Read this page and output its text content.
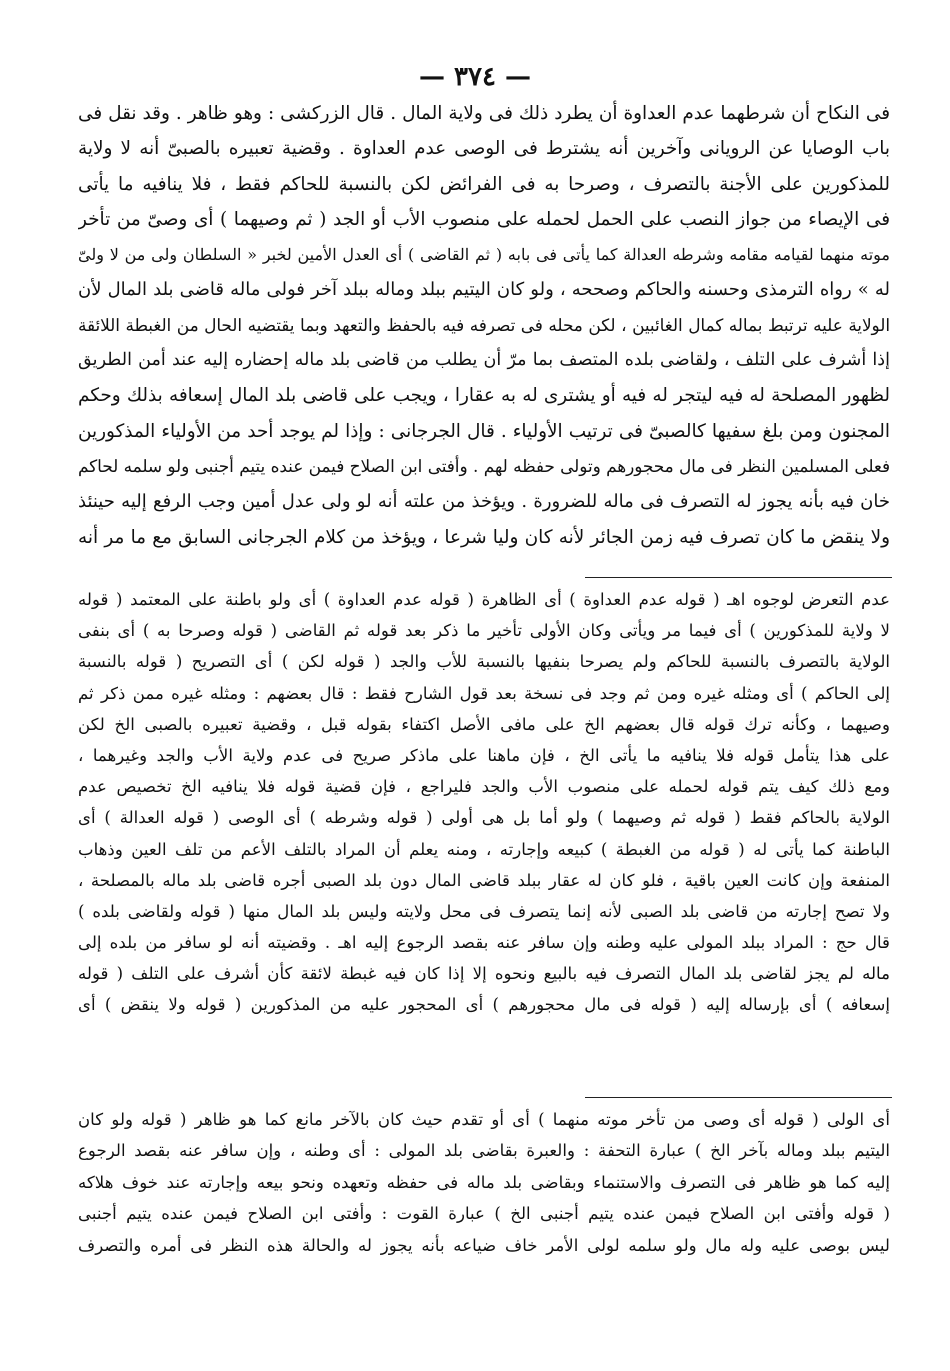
— ٣٧٤ —
فى النكاح أن شرطهما عدم العداوة أن يطرد ذلك فى ولاية المال . قال الزركشى : وهو ظاهر . وقد نقل فى
باب الوصايا عن الرويانى وآخرين أنه يشترط فى الوصى عدم العداوة . وقضية تعبيره بالصبىّ أنه لا ولاية
للمذكورين على الأجنة بالتصرف ، وصرحا به فى الفرائض لكن بالنسبة للحاكم فقط ، فلا ينافيه ما يأتى
فى الإيصاء من جواز النصب على الحمل لحمله على منصوب الأب أو الجد ( ثم وصيهما ) أى وصىّ من تأخر
موته منهما لقيامه مقامه وشرطه العدالة كما يأتى فى بابه ( ثم القاضى ) أى العدل الأمين لخبر « السلطان ولى من لا ولىّ
له » رواه الترمذى وحسنه والحاكم وصححه ، ولو كان اليتيم ببلد وماله ببلد آخر فولى ماله قاضى بلد المال لأن
الولاية عليه ترتبط بماله كمال الغائبين ، لكن محله فى تصرفه فيه بالحفظ والتعهد وبما يقتضيه الحال من الغبطة اللائقة
إذا أشرف على التلف ، ولقاضى بلده المتصف بما مرّ أن يطلب من قاضى بلد ماله إحضاره إليه عند أمن الطريق
لظهور المصلحة له فيه ليتجر له فيه أو يشترى له به عقارا ، ويجب على قاضى بلد المال إسعافه بذلك وحكم
المجنون ومن بلغ سفيها كالصبىّ فى ترتيب الأولياء . قال الجرجانى : وإذا لم يوجد أحد من الأولياء المذكورين
فعلى المسلمين النظر فى مال محجورهم وتولى حفظه لهم . وأفتى ابن الصلاح فيمن عنده يتيم أجنبى ولو سلمه لحاكم
خان فيه بأنه يجوز له التصرف فى ماله للضرورة . ويؤخذ من علته أنه لو ولى عدل أمين وجب الرفع إليه حينئذ
ولا ينقض ما كان تصرف فيه زمن الجائر لأنه كان وليا شرعا ، ويؤخذ من كلام الجرجانى السابق مع ما مر أنه
عدم التعرض لوجوه اهـ ( قوله عدم العداوة ) أى الظاهرة ( قوله عدم العداوة ) أى ولو باطنة على المعتمد ( قوله
لا ولاية للمذكورين ) أى فيما مر ويأتى وكان الأولى تأخير ما ذكر بعد قوله ثم القاضى ( قوله وصرحا به ) أى بنفى
الولاية بالتصرف بالنسبة للحاكم ولم يصرحا بنفيها بالنسبة للأب والجد ( قوله لكن ) أى التصريح ( قوله بالنسبة
إلى الحاكم ) أى ومثله غيره ومن ثم وجد فى نسخة بعد قول الشارح فقط : قال بعضهم : ومثله غيره ممن ذكر ثم
وصيهما ، وكأنه ترك قوله قال بعضهم الخ على مافى الأصل اكتفاء بقوله قبل ، وقضية تعبيره بالصبى الخ لكن
على هذا يتأمل قوله فلا ينافيه ما يأتى الخ ، فإن ماهنا على ماذكر صريح فى عدم ولاية الأب والجد وغيرهما ،
ومع ذلك كيف يتم قوله لحمله على منصوب الأب والجد فليراجع ، فإن قضية قوله فلا ينافيه الخ تخصيص عدم
الولاية بالحاكم فقط ( قوله ثم وصيهما ) ولو أما بل هى أولى ( قوله وشرطه ) أى الوصى ( قوله العدالة ) أى
الباطنة كما يأتى له ( قوله من الغبطة ) كبيعه وإجارته ، ومنه يعلم أن المراد بالتلف الأعم من تلف العين وذهاب
المنفعة وإن كانت العين باقية ، فلو كان له عقار ببلد قاضى المال دون بلد الصبى أجره قاضى بلد ماله بالمصلحة ،
ولا تصح إجارته من قاضى بلد الصبى لأنه إنما يتصرف فى محل ولايته وليس بلد المال منها ( قوله ولقاضى بلده )
قال حج : المراد ببلد المولى عليه وطنه وإن سافر عنه بقصد الرجوع إليه اهـ . وقضيته أنه لو سافر من بلده إلى
ماله لم يجز لقاضى بلد المال التصرف فيه بالبيع ونحوه إلا إذا كان فيه غبطة لائقة كأن أشرف على التلف ( قوله
إسعافه ) أى بإرساله إليه ( قوله فى مال محجورهم ) أى المحجور عليه من المذكورين ( قوله ولا ينقض ) أى
أى الولى ( قوله أى وصى من تأخر موته منهما ) أى أو تقدم حيث كان بالآخر مانع كما هو ظاهر ( قوله ولو كان
اليتيم ببلد وماله بآخر الخ ) عبارة التحفة : والعبرة بقاضى بلد المولى : أى وطنه ، وإن سافر عنه بقصد الرجوع
إليه كما هو ظاهر فى التصرف والاستنماء وبقاضى بلد ماله فى حفظه وتعهده ونحو بيعه وإجارته عند خوف هلاكه
( قوله وأفتى ابن الصلاح فيمن عنده يتيم أجنبى الخ ) عبارة القوت : وأفتى ابن الصلاح فيمن عنده يتيم أجنبى
ليس بوصى عليه وله مال ولو سلمه لولى الأمر خاف ضياعه بأنه يجوز له والحالة هذه النظر فى أمره والتصرف
